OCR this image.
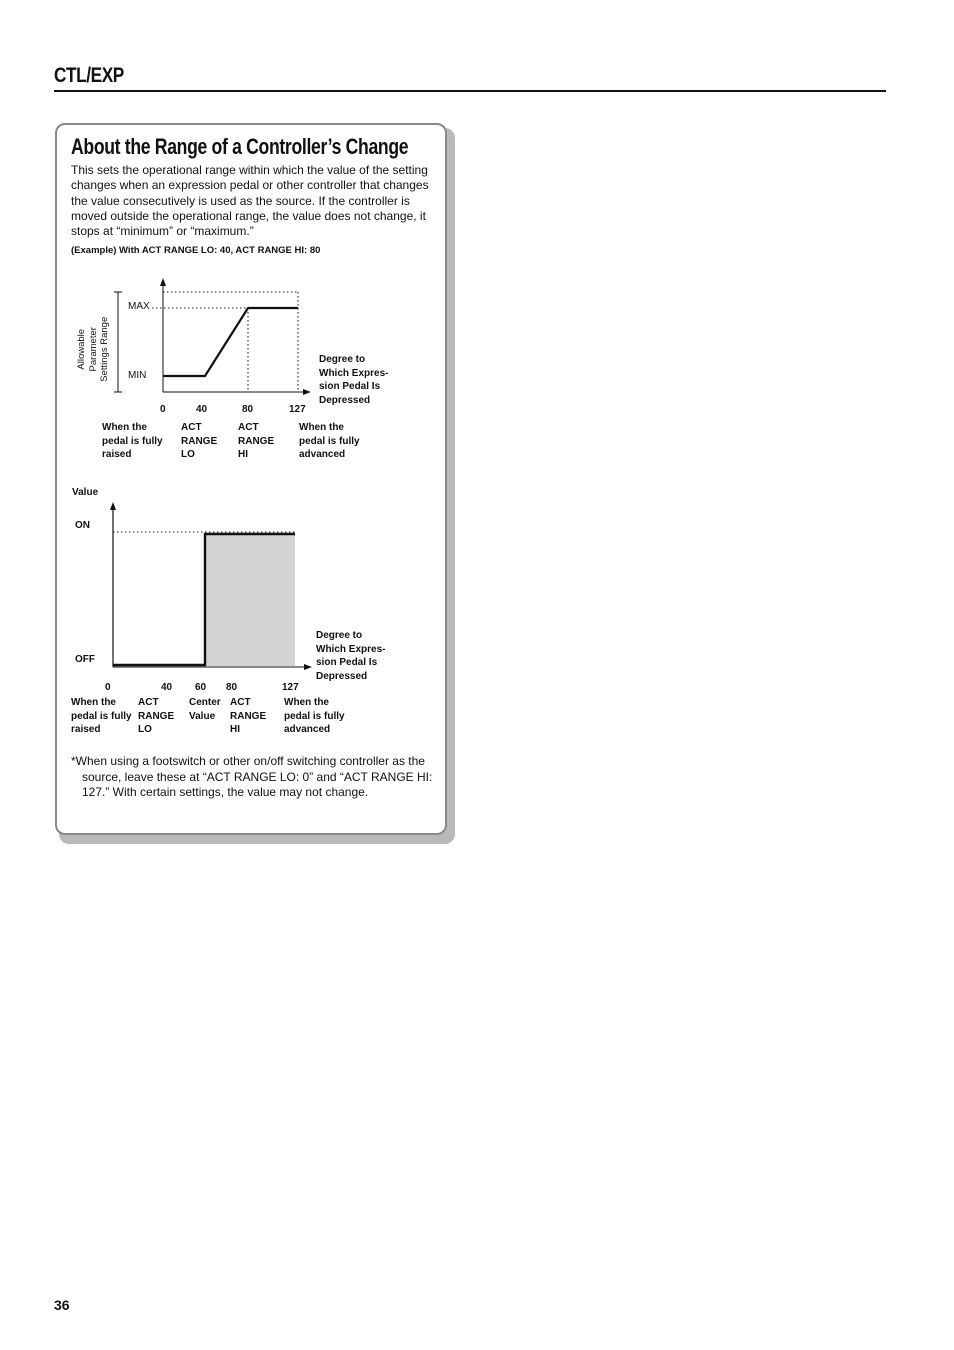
CTL/EXP
About the Range of a Controller’s Change
This sets the operational range within which the value of the setting changes when an expression pedal or other controller that changes the value consecutively is used as the source. If the controller is moved outside the operational range, the value does not change, it stops at “minimum” or “maximum.”
(Example) With ACT RANGE LO: 40, ACT RANGE HI: 80
Allowable Parameter Settings Range
MAX
MIN
0	40	80	127
Degree to
Which Expres-
sion Pedal Is
Depressed
When the
pedal is fully
raised
ACT
RANGE
LO
ACT
RANGE
HI
When the
pedal is fully
advanced
Value
ON
OFF
0	40 60 80	127
Degree to
Which Expres-
sion Pedal Is
Depressed
When the
pedal is fully
raised
ACT
RANGE
LO
Center
Value
ACT
RANGE
HI
When the
pedal is fully
advanced
*When using a footswitch or other on/off switching controller as the
source, leave these at “ACT RANGE LO: 0” and “ACT RANGE HI: 127.” With certain settings, the value may not change.
36
